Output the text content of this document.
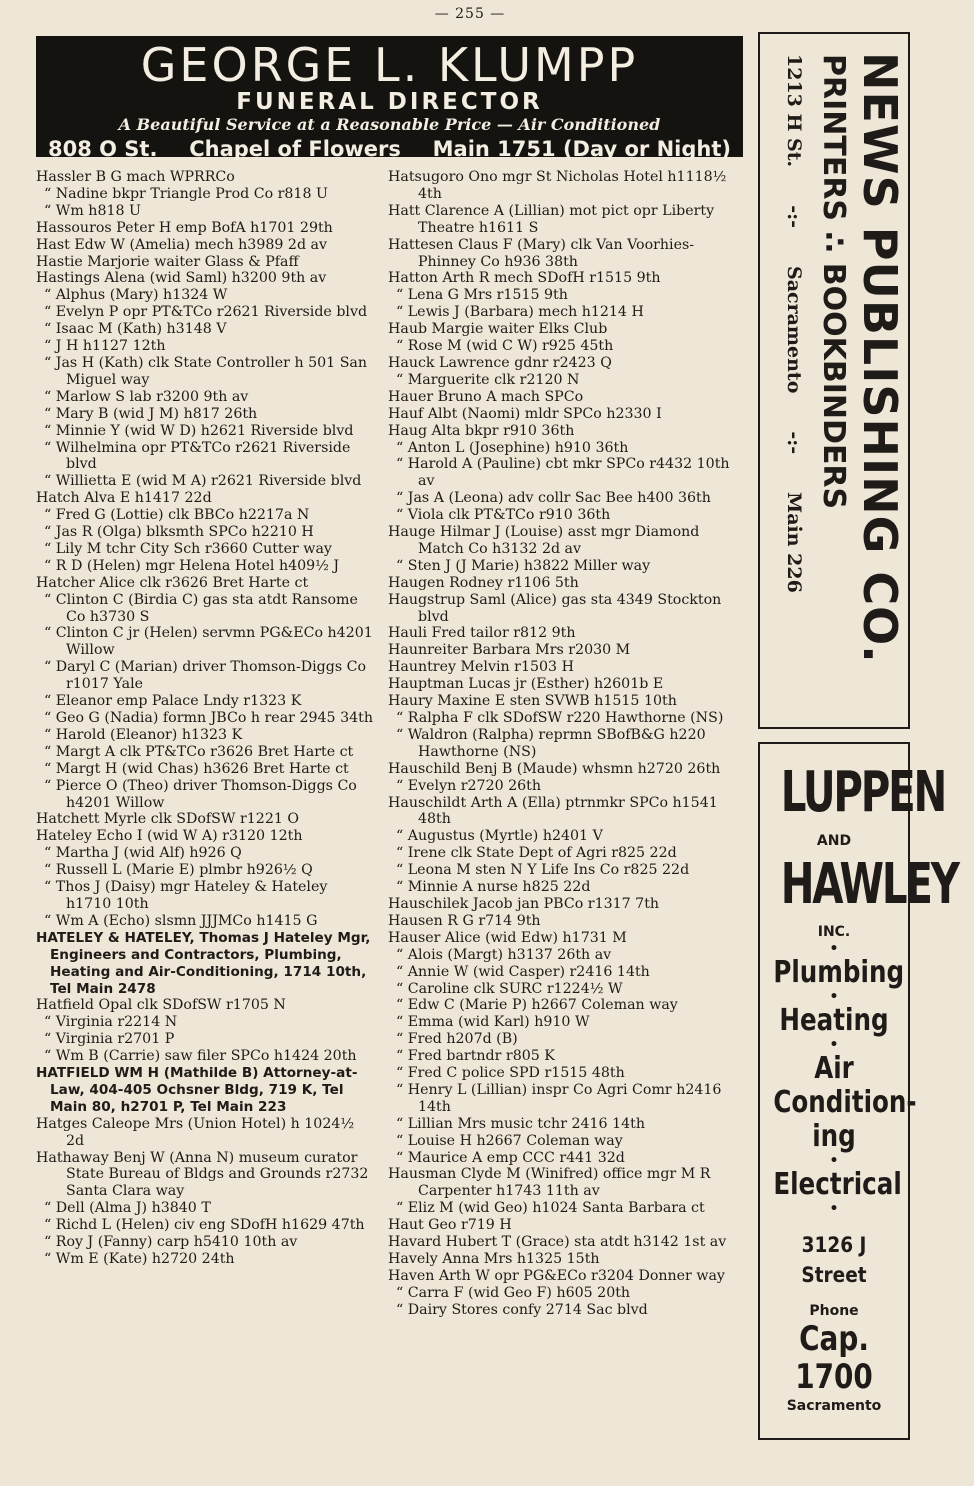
— 255 —
GEORGE L. KLUMPP
FUNERAL DIRECTOR
A Beautiful Service at a Reasonable Price — Air Conditioned
808 O St. Chapel of Flowers Main 1751 (Day or Night)
Hassler B G mach WPRRCo
“ Nadine bkpr Triangle Prod Co r818 U
“ Wm h818 U
Hassouros Peter H emp BofA h1701 29th
Hast Edw W (Amelia) mech h3989 2d av
Hastie Marjorie waiter Glass & Pfaff
Hastings Alena (wid Saml) h3200 9th av
“ Alphus (Mary) h1324 W
“ Evelyn P opr PT&TCo r2621 Riverside blvd
“ Isaac M (Kath) h3148 V
“ J H h1127 12th
“ Jas H (Kath) clk State Controller h 501 San Miguel way
“ Marlow S lab r3200 9th av
“ Mary B (wid J M) h817 26th
“ Minnie Y (wid W D) h2621 Riverside blvd
“ Wilhelmina opr PT&TCo r2621 Riverside blvd
“ Willietta E (wid M A) r2621 Riverside blvd
Hatch Alva E h1417 22d
“ Fred G (Lottie) clk BBCo h2217a N
“ Jas R (Olga) blksmth SPCo h2210 H
“ Lily M tchr City Sch r3660 Cutter way
“ R D (Helen) mgr Helena Hotel h409½ J
Hatcher Alice clk r3626 Bret Harte ct
“ Clinton C (Birdia C) gas sta atdt Ransome Co h3730 S
“ Clinton C jr (Helen) servmn PG&ECo h4201 Willow
“ Daryl C (Marian) driver Thomson-Diggs Co r1017 Yale
“ Eleanor emp Palace Lndy r1323 K
“ Geo G (Nadia) formn JBCo h rear 2945 34th
“ Harold (Eleanor) h1323 K
“ Margt A clk PT&TCo r3626 Bret Harte ct
“ Margt H (wid Chas) h3626 Bret Harte ct
“ Pierce O (Theo) driver Thomson-Diggs Co h4201 Willow
Hatchett Myrle clk SDofSW r1221 O
Hateley Echo I (wid W A) r3120 12th
“ Martha J (wid Alf) h926 Q
“ Russell L (Marie E) plmbr h926½ Q
“ Thos J (Daisy) mgr Hateley & Hateley h1710 10th
“ Wm A (Echo) slsmn JJJMCo h1415 G
HATELEY & HATELEY, Thomas J Hateley Mgr, Engineers and Contractors, Plumbing, Heating and Air-Conditioning, 1714 10th, Tel Main 2478
Hatfield Opal clk SDofSW r1705 N
“ Virginia r2214 N
“ Virginia r2701 P
“ Wm B (Carrie) saw filer SPCo h1424 20th
HATFIELD WM H (Mathilde B) Attorney-at-Law, 404-405 Ochsner Bldg, 719 K, Tel Main 80, h2701 P, Tel Main 223
Hatges Caleope Mrs (Union Hotel) h 1024½ 2d
Hathaway Benj W (Anna N) museum curator State Bureau of Bldgs and Grounds r2732 Santa Clara way
“ Dell (Alma J) h3840 T
“ Richd L (Helen) civ eng SDofH h1629 47th
“ Roy J (Fanny) carp h5410 10th av
“ Wm E (Kate) h2720 24th
Hatsugoro Ono mgr St Nicholas Hotel h1118½ 4th
Hatt Clarence A (Lillian) mot pict opr Liberty Theatre h1611 S
Hattesen Claus F (Mary) clk Van Voorhies-Phinney Co h936 38th
Hatton Arth R mech SDofH r1515 9th
“ Lena G Mrs r1515 9th
“ Lewis J (Barbara) mech h1214 H
Haub Margie waiter Elks Club
“ Rose M (wid C W) r925 45th
Hauck Lawrence gdnr r2423 Q
“ Marguerite clk r2120 N
Hauer Bruno A mach SPCo
Hauf Albt (Naomi) mldr SPCo h2330 I
Haug Alta bkpr r910 36th
“ Anton L (Josephine) h910 36th
“ Harold A (Pauline) cbt mkr SPCo r4432 10th av
“ Jas A (Leona) adv collr Sac Bee h400 36th
“ Viola clk PT&TCo r910 36th
Hauge Hilmar J (Louise) asst mgr Diamond Match Co h3132 2d av
“ Sten J (J Marie) h3822 Miller way
Haugen Rodney r1106 5th
Haugstrup Saml (Alice) gas sta 4349 Stockton blvd
Hauli Fred tailor r812 9th
Haunreiter Barbara Mrs r2030 M
Hauntrey Melvin r1503 H
Hauptman Lucas jr (Esther) h2601b E
Haury Maxine E sten SVWB h1515 10th
“ Ralpha F clk SDofSW r220 Hawthorne (NS)
“ Waldron (Ralpha) reprmn SBofB&G h220 Hawthorne (NS)
Hauschild Benj B (Maude) whsmn h2720 26th
“ Evelyn r2720 26th
Hauschildt Arth A (Ella) ptrnmkr SPCo h1541 48th
“ Augustus (Myrtle) h2401 V
“ Irene clk State Dept of Agri r825 22d
“ Leona M sten N Y Life Ins Co r825 22d
“ Minnie A nurse h825 22d
Hauschilek Jacob jan PBCo r1317 7th
Hausen R G r714 9th
Hauser Alice (wid Edw) h1731 M
“ Alois (Margt) h3137 26th av
“ Annie W (wid Casper) r2416 14th
“ Caroline clk SURC r1224½ W
“ Edw C (Marie P) h2667 Coleman way
“ Emma (wid Karl) h910 W
“ Fred h207d (B)
“ Fred bartndr r805 K
“ Fred C police SPD r1515 48th
“ Henry L (Lillian) inspr Co Agri Comr h2416 14th
“ Lillian Mrs music tchr 2416 14th
“ Louise H h2667 Coleman way
“ Maurice A emp CCC r441 32d
Hausman Clyde M (Winifred) office mgr M R Carpenter h1743 11th av
“ Eliz M (wid Geo) h1024 Santa Barbara ct
Haut Geo r719 H
Havard Hubert T (Grace) sta atdt h3142 1st av
Havely Anna Mrs h1325 15th
Haven Arth W opr PG&ECo r3204 Donner way
“ Carra F (wid Geo F) h605 20th
“ Dairy Stores confy 2714 Sac blvd
NEWS PUBLISHING CO.
PRINTERS ∴ BOOKBINDERS
1213 H St.
-:-
Sacramento
-:-
Main 226
LUPPEN
AND
HAWLEY
INC.
•
Plumbing
•
Heating
•
Air
Condition-
ing
•
Electrical
•
3126 J Street
Phone
Cap. 1700
Sacramento
